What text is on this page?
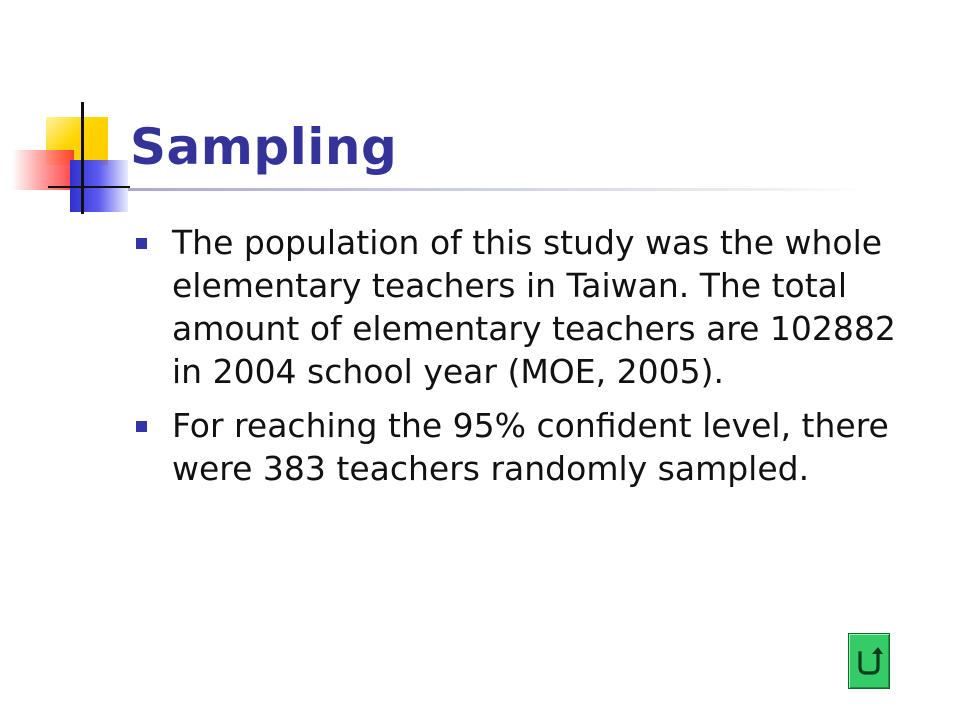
Sampling
The population of this study was the whole elementary teachers in Taiwan. The total amount of elementary teachers are 102882 in 2004 school year (MOE, 2005).
For reaching the 95% confident level, there were 383 teachers randomly sampled.
